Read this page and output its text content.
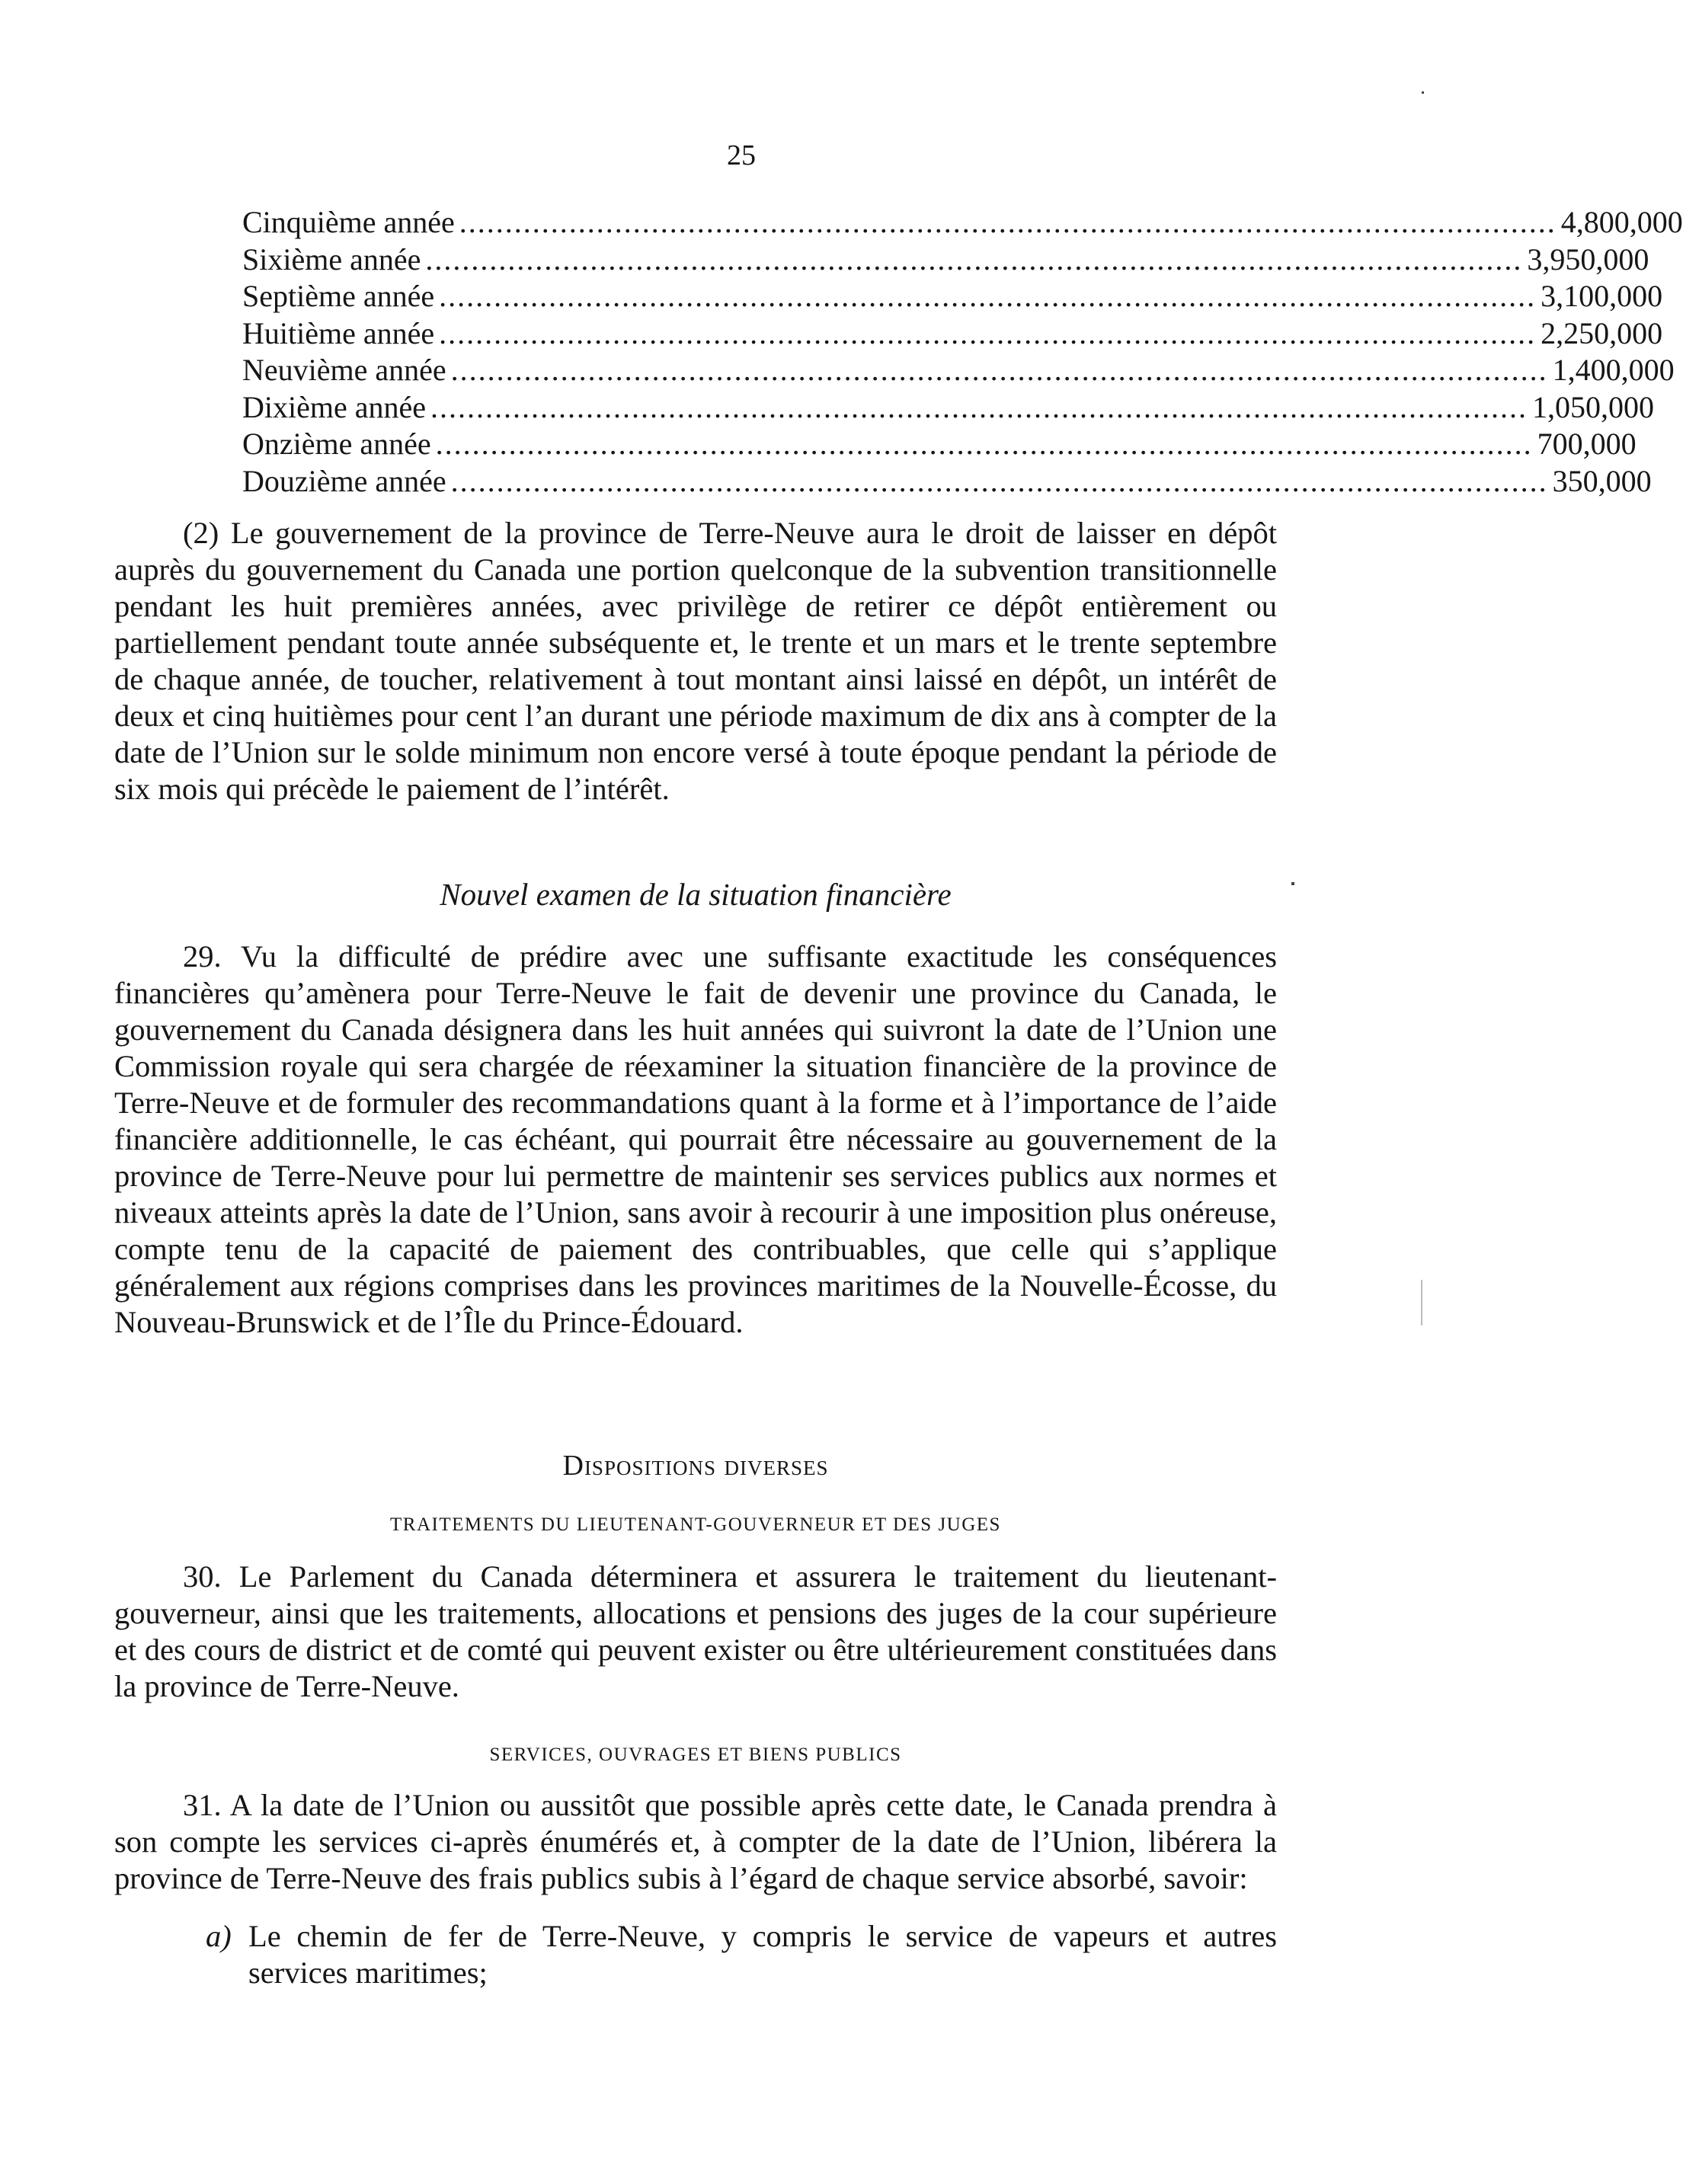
25
Cinquième année ........................................................................................................................ 4,800,000
Sixième année ........................................................................................................................ 3,950,000
Septième année ........................................................................................................................ 3,100,000
Huitième année ........................................................................................................................ 2,250,000
Neuvième année ........................................................................................................................ 1,400,000
Dixième année ........................................................................................................................ 1,050,000
Onzième année ........................................................................................................................ 700,000
Douzième année ........................................................................................................................ 350,000

(2) Le gouvernement de la province de Terre-Neuve aura le droit de laisser en dépôt auprès du gouvernement du Canada une portion quelconque de la subvention transitionnelle pendant les huit premières années, avec privilège de retirer ce dépôt entièrement ou partiellement pendant toute année subséquente et, le trente et un mars et le trente septembre de chaque année, de toucher, relativement à tout montant ainsi laissé en dépôt, un intérêt de deux et cinq huitièmes pour cent l’an durant une période maximum de dix ans à compter de la date de l’Union sur le solde minimum non encore versé à toute époque pendant la période de six mois qui précède le paiement de l’intérêt.

Nouvel examen de la situation financière

29. Vu la difficulté de prédire avec une suffisante exactitude les conséquences financières qu’amènera pour Terre-Neuve le fait de devenir une province du Canada, le gouvernement du Canada désignera dans les huit années qui suivront la date de l’Union une Commission royale qui sera chargée de réexaminer la situation financière de la province de Terre-Neuve et de formuler des recommandations quant à la forme et à l’importance de l’aide financière additionnelle, le cas échéant, qui pourrait être nécessaire au gouvernement de la province de Terre-Neuve pour lui permettre de maintenir ses services publics aux normes et niveaux atteints après la date de l’Union, sans avoir à recourir à une imposition plus onéreuse, compte tenu de la capacité de paiement des contribuables, que celle qui s’applique généralement aux régions comprises dans les provinces maritimes de la Nouvelle-Écosse, du Nouveau-Brunswick et de l’Île du Prince-Édouard.

Dispositions diverses
TRAITEMENTS DU LIEUTENANT-GOUVERNEUR ET DES JUGES

30. Le Parlement du Canada déterminera et assurera le traitement du lieutenant-gouverneur, ainsi que les traitements, allocations et pensions des juges de la cour supérieure et des cours de district et de comté qui peuvent exister ou être ultérieurement constituées dans la province de Terre-Neuve.

SERVICES, OUVRAGES ET BIENS PUBLICS

31. A la date de l’Union ou aussitôt que possible après cette date, le Canada prendra à son compte les services ci-après énumérés et, à compter de la date de l’Union, libérera la province de Terre-Neuve des frais publics subis à l’égard de chaque service absorbé, savoir:

a) Le chemin de fer de Terre-Neuve, y compris le service de vapeurs et autres services maritimes;
